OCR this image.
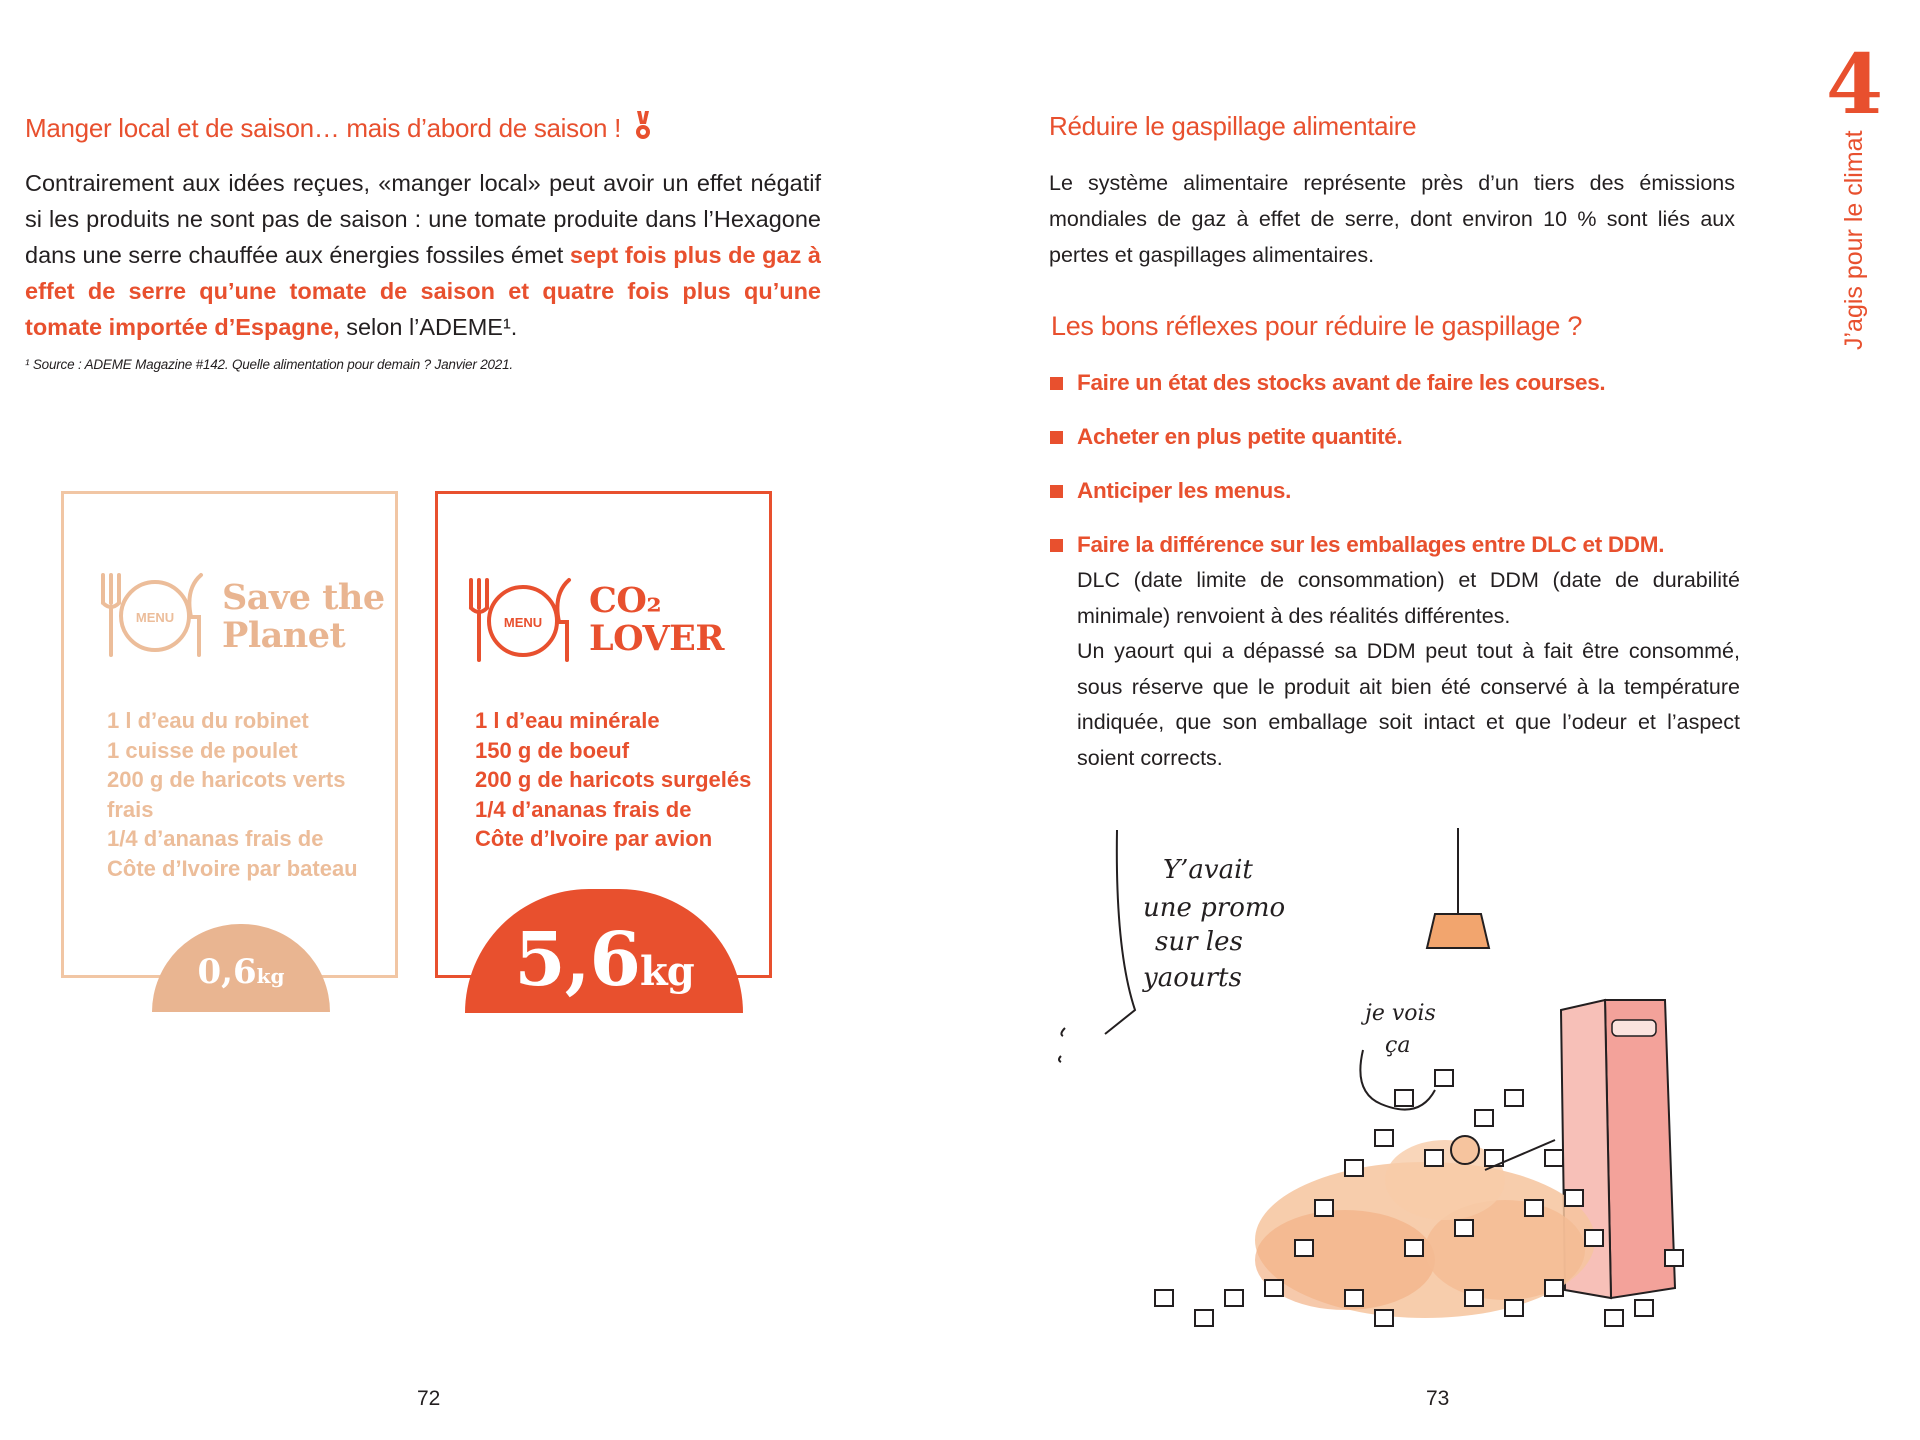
Manger local et de saison… mais d’abord de saison !
Contrairement aux idées reçues, «manger local» peut avoir un effet négatif si les produits ne sont pas de saison : une tomate produite dans l’Hexagone dans une serre chauffée aux énergies fossiles émet sept fois plus de gaz à effet de serre qu’une tomate de saison et quatre fois plus qu’une tomate importée d’Espagne, selon l’ADEME¹.
¹ Source : ADEME Magazine #142. Quelle alimentation pour demain ? Janvier 2021.
MENU Save the
Planet
1 l d’eau du robinet
1 cuisse de poulet
200 g de haricots verts frais
1/4 d’ananas frais de
Côte d’Ivoire par bateau
0,6kg
MENU
CO₂
LOVER
1 l d’eau minérale
150 g de boeuf
200 g de haricots surgelés
1/4 d’ananas frais de
Côte d’Ivoire par avion
5,6kg
72
Réduire le gaspillage alimentaire
Le système alimentaire représente près d’un tiers des émissions mondiales de gaz à effet de serre, dont environ 10 % sont liés aux pertes et gaspillages alimentaires.
Les bons réflexes pour réduire le gaspillage ?
Faire un état des stocks avant de faire les courses.
Acheter en plus petite quantité.
Anticiper les menus.
Faire la différence sur les emballages entre DLC et DDM.
DLC (date limite de consommation) et DDM (date de durabilité minimale) renvoient à des réalités différentes.
Un yaourt qui a dépassé sa DDM peut tout à fait être consommé, sous réserve que le produit ait bien été conservé à la température indiquée, que son emballage soit intact et que l’odeur et l’aspect soient corrects.
4
J’agis pour le climat
Y’avait
une promo
sur les
yaourts
je vois
ça
73
